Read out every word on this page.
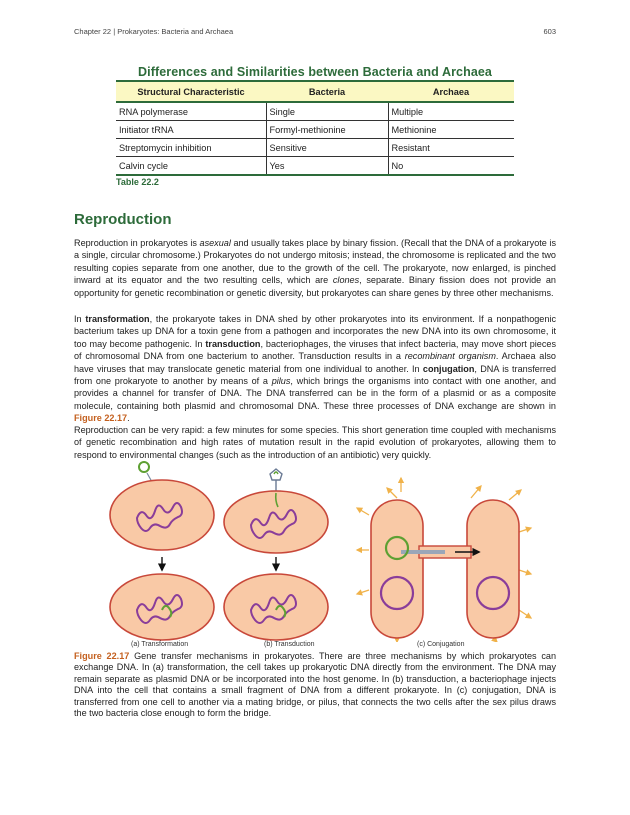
Chapter 22 | Prokaryotes: Bacteria and Archaea	603
Differences and Similarities between Bacteria and Archaea
Structural Characteristic	Bacteria	Archaea
RNA polymerase	Single	Multiple
Initiator tRNA	Formyl-methionine	Methionine
Streptomycin inhibition	Sensitive	Resistant
Calvin cycle	Yes	No
Table 22.2
Reproduction

Reproduction in prokaryotes is asexual and usually takes place by binary fission. (Recall that the DNA of a prokaryote is a single, circular chromosome.) Prokaryotes do not undergo mitosis; instead, the chromosome is replicated and the two resulting copies separate from one another, due to the growth of the cell. The prokaryote, now enlarged, is pinched inward at its equator and the two resulting cells, which are clones, separate. Binary fission does not provide an opportunity for genetic recombination or genetic diversity, but prokaryotes can share genes by three other mechanisms.

In transformation, the prokaryote takes in DNA shed by other prokaryotes into its environment. If a nonpathogenic bacterium takes up DNA for a toxin gene from a pathogen and incorporates the new DNA into its own chromosome, it too may become pathogenic. In transduction, bacteriophages, the viruses that infect bacteria, may move short pieces of chromosomal DNA from one bacterium to another. Transduction results in a recombinant organism. Archaea also have viruses that may translocate genetic material from one individual to another. In conjugation, DNA is transferred from one prokaryote to another by means of a pilus, which brings the organisms into contact with one another, and provides a channel for transfer of DNA. The DNA transferred can be in the form of a plasmid or as a composite molecule, containing both plasmid and chromosomal DNA. These three processes of DNA exchange are shown in Figure 22.17.

Reproduction can be very rapid: a few minutes for some species. This short generation time coupled with mechanisms of genetic recombination and high rates of mutation result in the rapid evolution of prokaryotes, allowing them to respond to environmental changes (such as the introduction of an antibiotic) very quickly.

(a) Transformation	(b) Transduction	(c) Conjugation

Figure 22.17 Gene transfer mechanisms in prokaryotes. There are three mechanisms by which prokaryotes can exchange DNA. In (a) transformation, the cell takes up prokaryotic DNA directly from the environment. The DNA may remain separate as plasmid DNA or be incorporated into the host genome. In (b) transduction, a bacteriophage injects DNA into the cell that contains a small fragment of DNA from a different prokaryote. In (c) conjugation, DNA is transferred from one cell to another via a mating bridge, or pilus, that connects the two cells after the sex pilus draws the two bacteria close enough to form the bridge.
